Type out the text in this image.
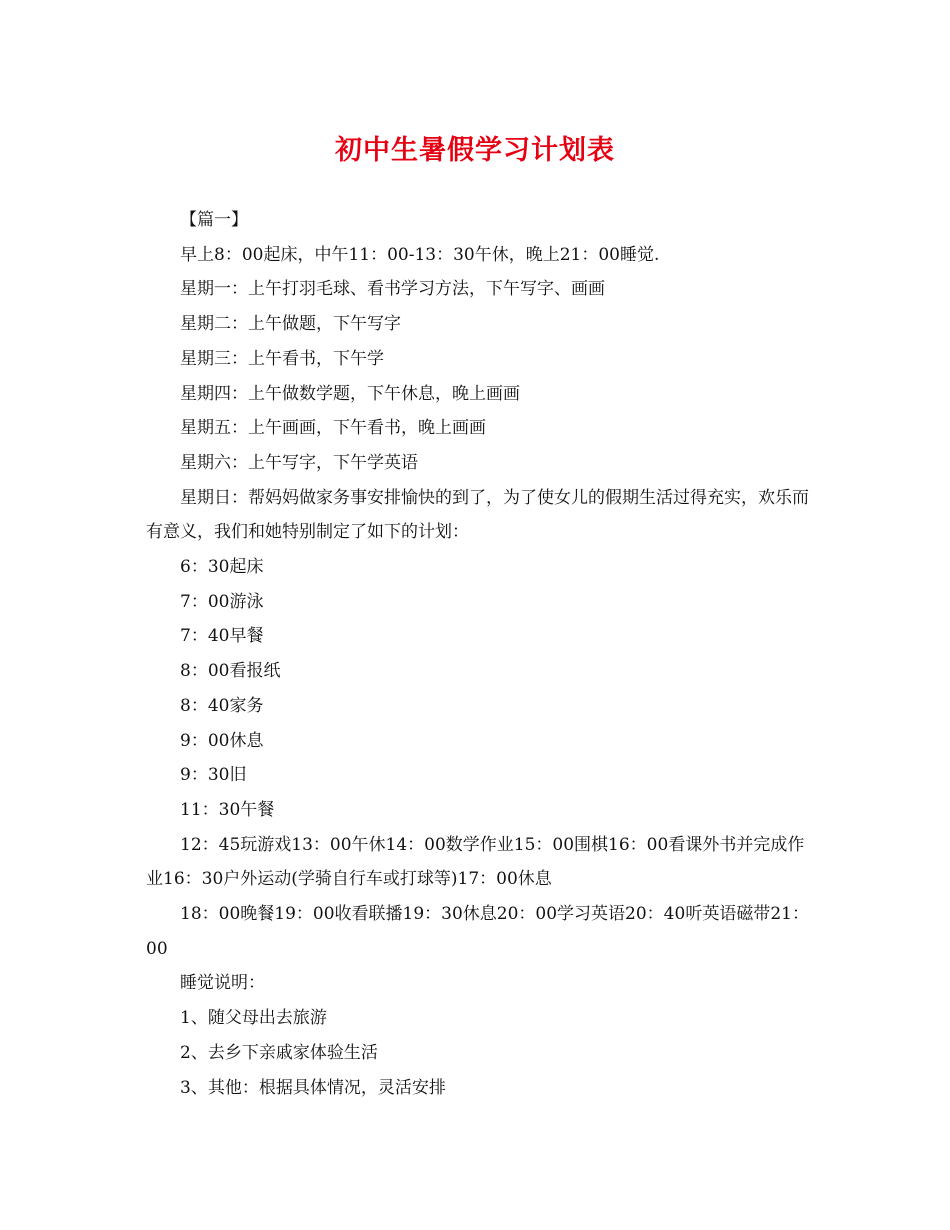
初中生暑假学习计划表

【篇一】

早上8：00起床，中午11：00-13：30午休，晚上21：00睡觉.

星期一：上午打羽毛球、看书学习方法，下午写字、画画

星期二：上午做题，下午写字

星期三：上午看书，下午学

星期四：上午做数学题，下午休息，晚上画画

星期五：上午画画，下午看书，晚上画画

星期六：上午写字，下午学英语

星期日：帮妈妈做家务事安排愉快的到了，为了使女儿的假期生活过得充实，欢乐而有意义，我们和她特别制定了如下的计划：

6：30起床

7：00游泳

7：40早餐

8：00看报纸

8：40家务

9：00休息

9：30旧

11：30午餐

12：45玩游戏13：00午休14：00数学作业15：00围棋16：00看课外书并完成作业16：30户外运动(学骑自行车或打球等)17：00休息

18：00晚餐19：00收看联播19：30休息20：00学习英语20：40听英语磁带21：00

睡觉说明：

1、随父母出去旅游

2、去乡下亲戚家体验生活

3、其他：根据具体情况，灵活安排
